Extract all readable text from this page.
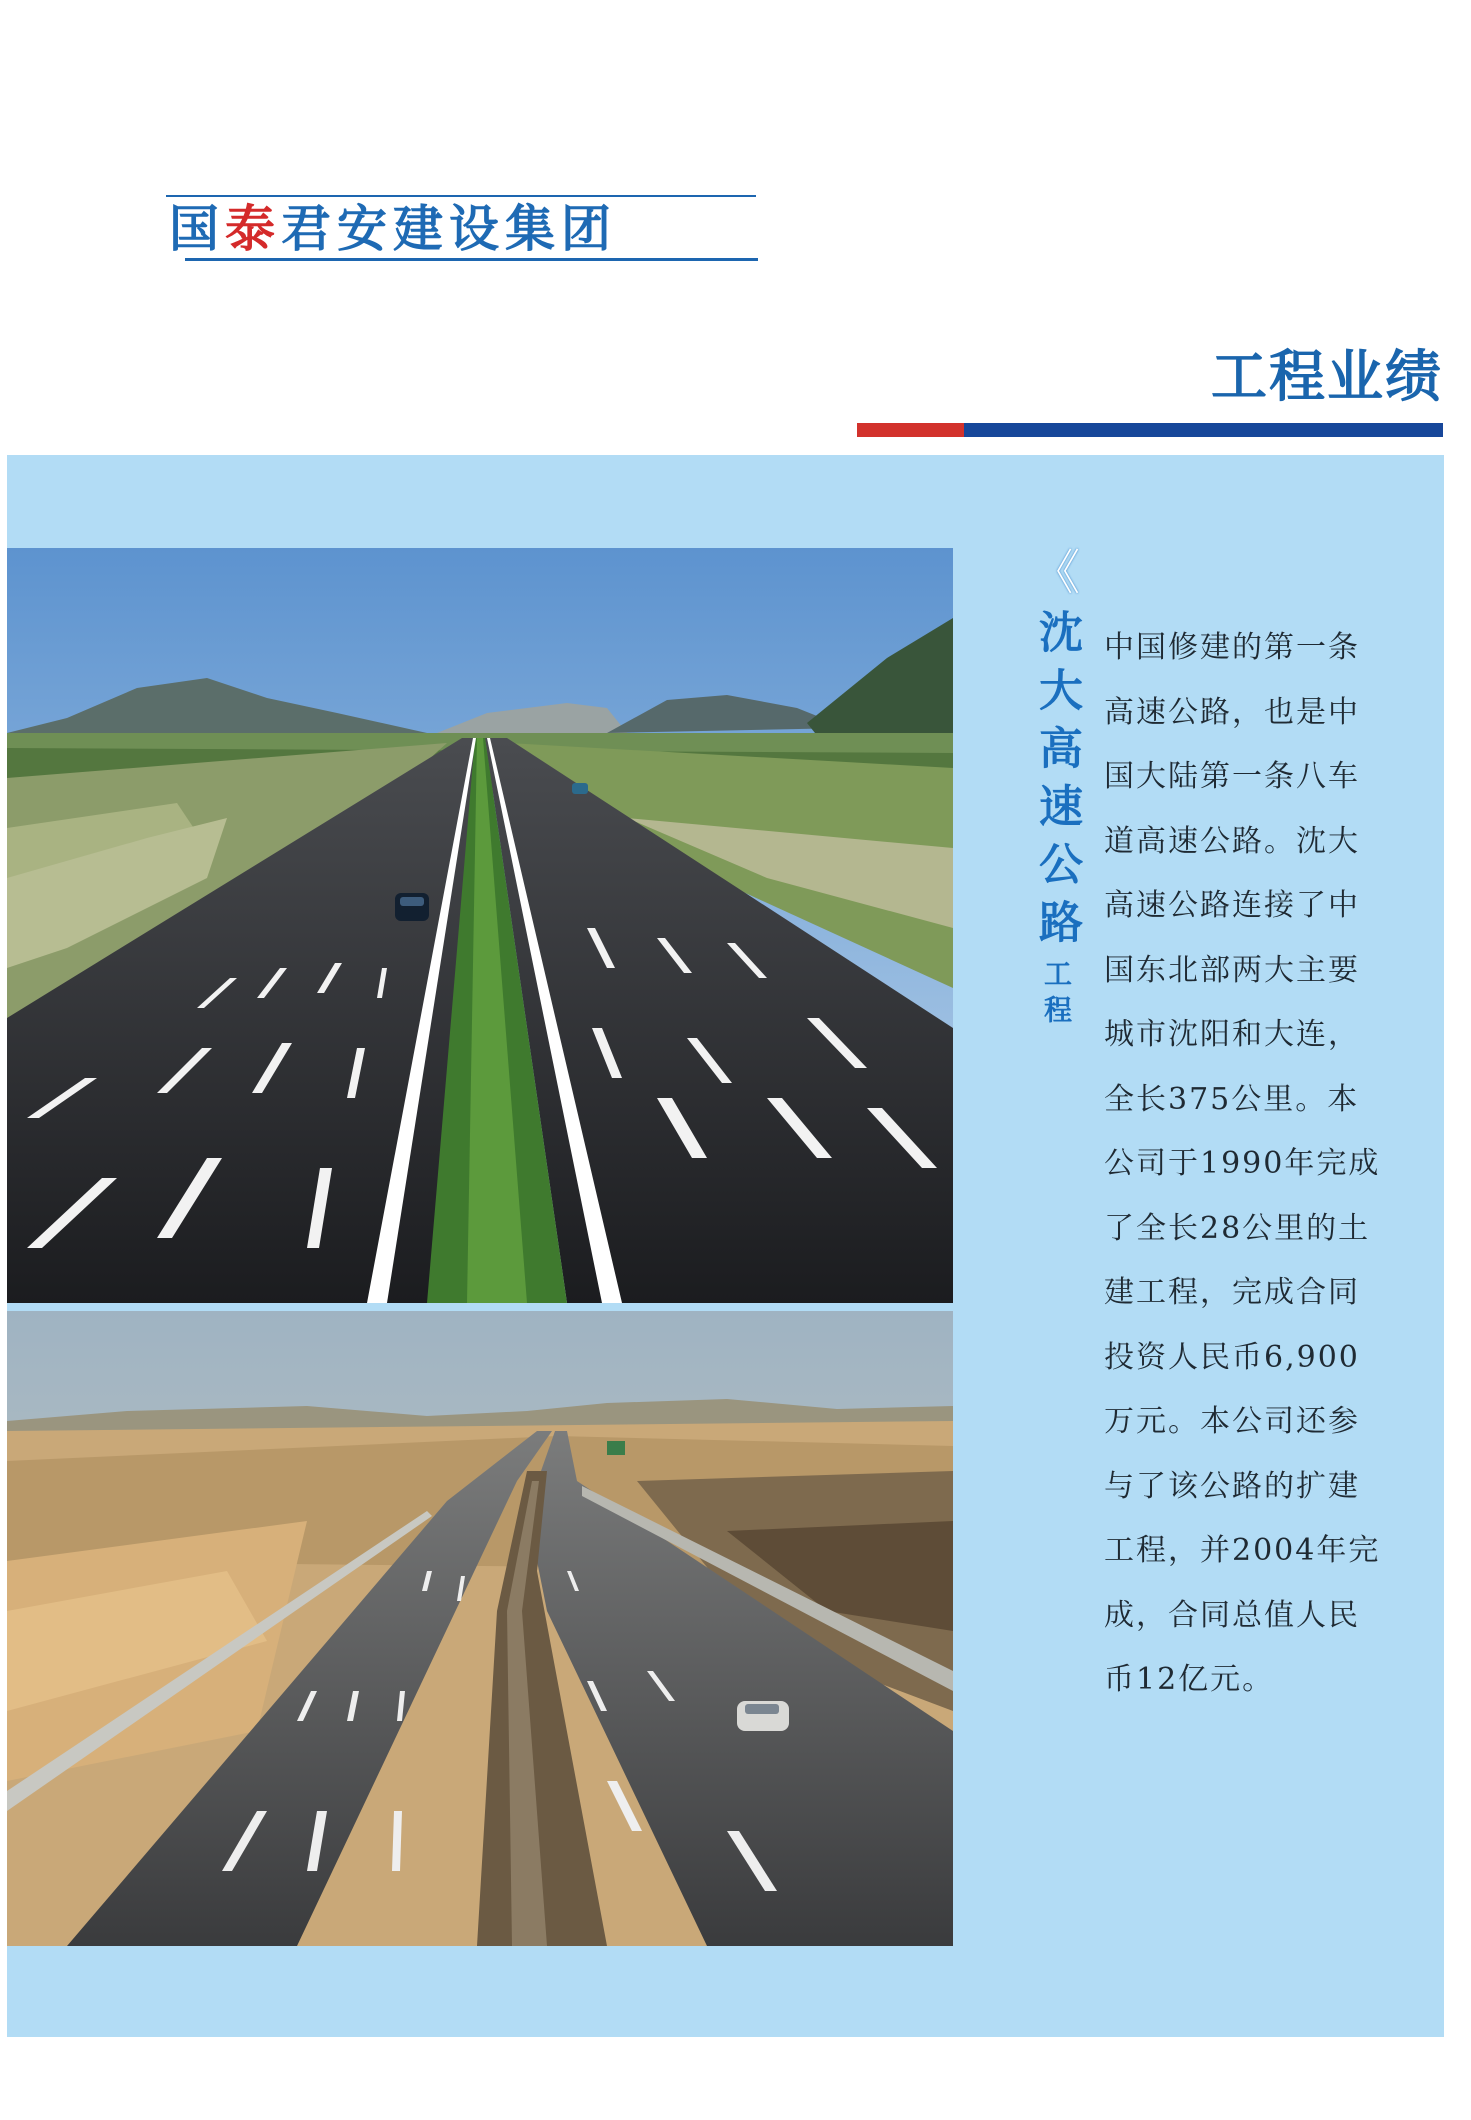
国泰君安建设集团
工程业绩
《
沈大高速公路
工程
中国修建的第一条
高速公路，也是中
国大陆第一条八车
道高速公路。沈大
高速公路连接了中
国东北部两大主要
城市沈阳和大连，
全长375公里。本
公司于1990年完成
了全长28公里的土
建工程，完成合同
投资人民币6,900
万元。本公司还参
与了该公路的扩建
工程，并2004年完
成，合同总值人民
币12亿元。
